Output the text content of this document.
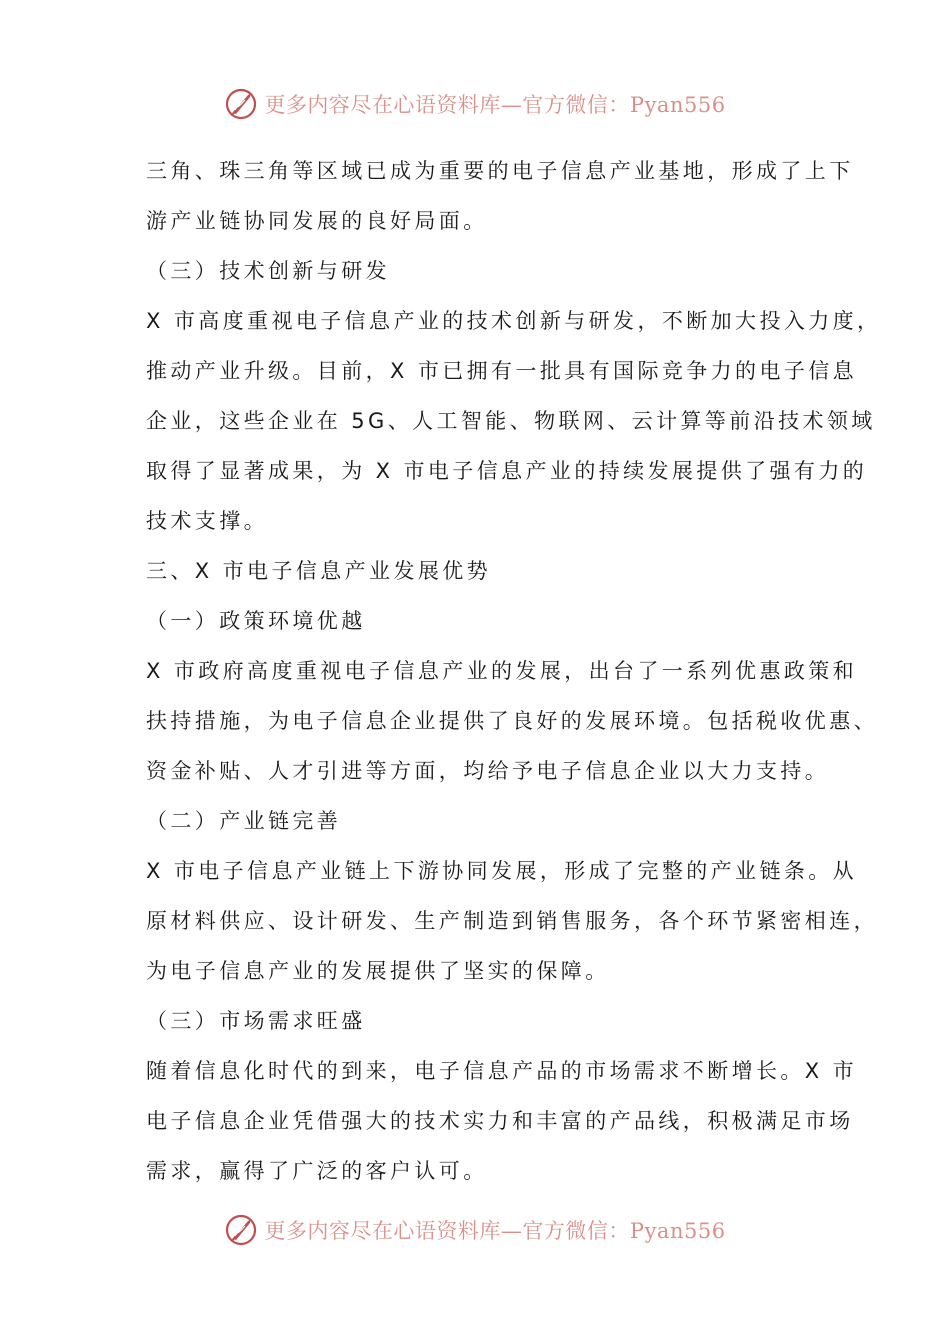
更多内容尽在心语资料库—官方微信：Pyan556
三角、珠三角等区域已成为重要的电子信息产业基地，形成了上下
游产业链协同发展的良好局面。
（三）技术创新与研发
X 市高度重视电子信息产业的技术创新与研发，不断加大投入力度，
推动产业升级。目前，X 市已拥有一批具有国际竞争力的电子信息
企业，这些企业在 5G、人工智能、物联网、云计算等前沿技术领域
取得了显著成果，为 X 市电子信息产业的持续发展提供了强有力的
技术支撑。
三、X 市电子信息产业发展优势
（一）政策环境优越
X 市政府高度重视电子信息产业的发展，出台了一系列优惠政策和
扶持措施，为电子信息企业提供了良好的发展环境。包括税收优惠、
资金补贴、人才引进等方面，均给予电子信息企业以大力支持。
（二）产业链完善
X 市电子信息产业链上下游协同发展，形成了完整的产业链条。从
原材料供应、设计研发、生产制造到销售服务，各个环节紧密相连，
为电子信息产业的发展提供了坚实的保障。
（三）市场需求旺盛
随着信息化时代的到来，电子信息产品的市场需求不断增长。X 市
电子信息企业凭借强大的技术实力和丰富的产品线，积极满足市场
需求，赢得了广泛的客户认可。
更多内容尽在心语资料库—官方微信：Pyan556
